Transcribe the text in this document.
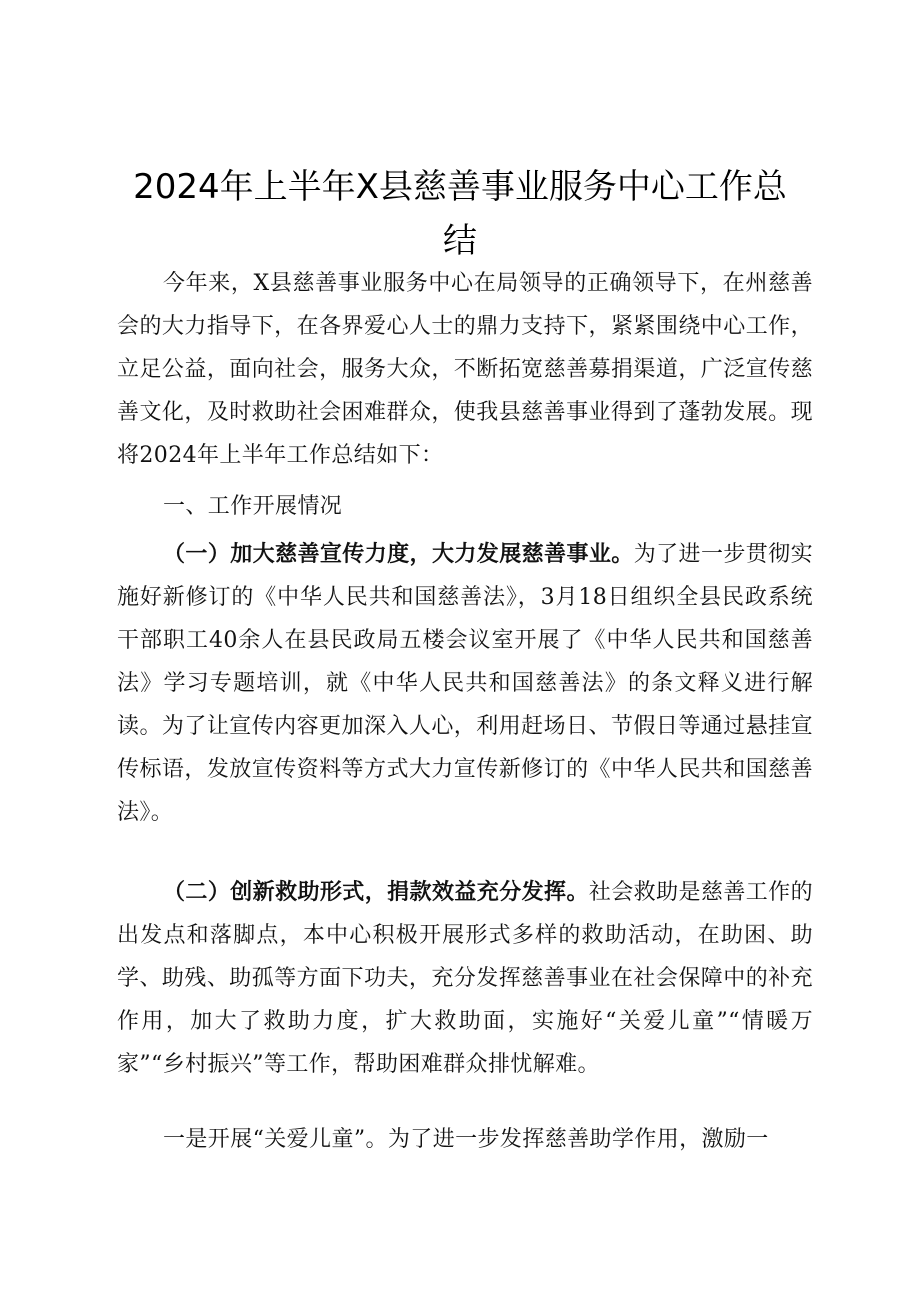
2024年上半年X县慈善事业服务中心工作总
结

今年来，X县慈善事业服务中心在局领导的正确领导下，在州慈善会的大力指导下，在各界爱心人士的鼎力支持下，紧紧围绕中心工作，立足公益，面向社会，服务大众，不断拓宽慈善募捐渠道，广泛宣传慈善文化，及时救助社会困难群众，使我县慈善事业得到了蓬勃发展。现将2024年上半年工作总结如下：

一、工作开展情况

（一）加大慈善宣传力度，大力发展慈善事业。为了进一步贯彻实施好新修订的《中华人民共和国慈善法》，3月18日组织全县民政系统干部职工40余人在县民政局五楼会议室开展了《中华人民共和国慈善法》学习专题培训，就《中华人民共和国慈善法》的条文释义进行解读。为了让宣传内容更加深入人心，利用赶场日、节假日等通过悬挂宣传标语，发放宣传资料等方式大力宣传新修订的《中华人民共和国慈善法》。

（二）创新救助形式，捐款效益充分发挥。社会救助是慈善工作的出发点和落脚点，本中心积极开展形式多样的救助活动，在助困、助学、助残、助孤等方面下功夫，充分发挥慈善事业在社会保障中的补充作用，加大了救助力度，扩大救助面，实施好“关爱儿童”“情暖万家”“乡村振兴”等工作，帮助困难群众排忧解难。

一是开展“关爱儿童”。为了进一步发挥慈善助学作用，激励一
